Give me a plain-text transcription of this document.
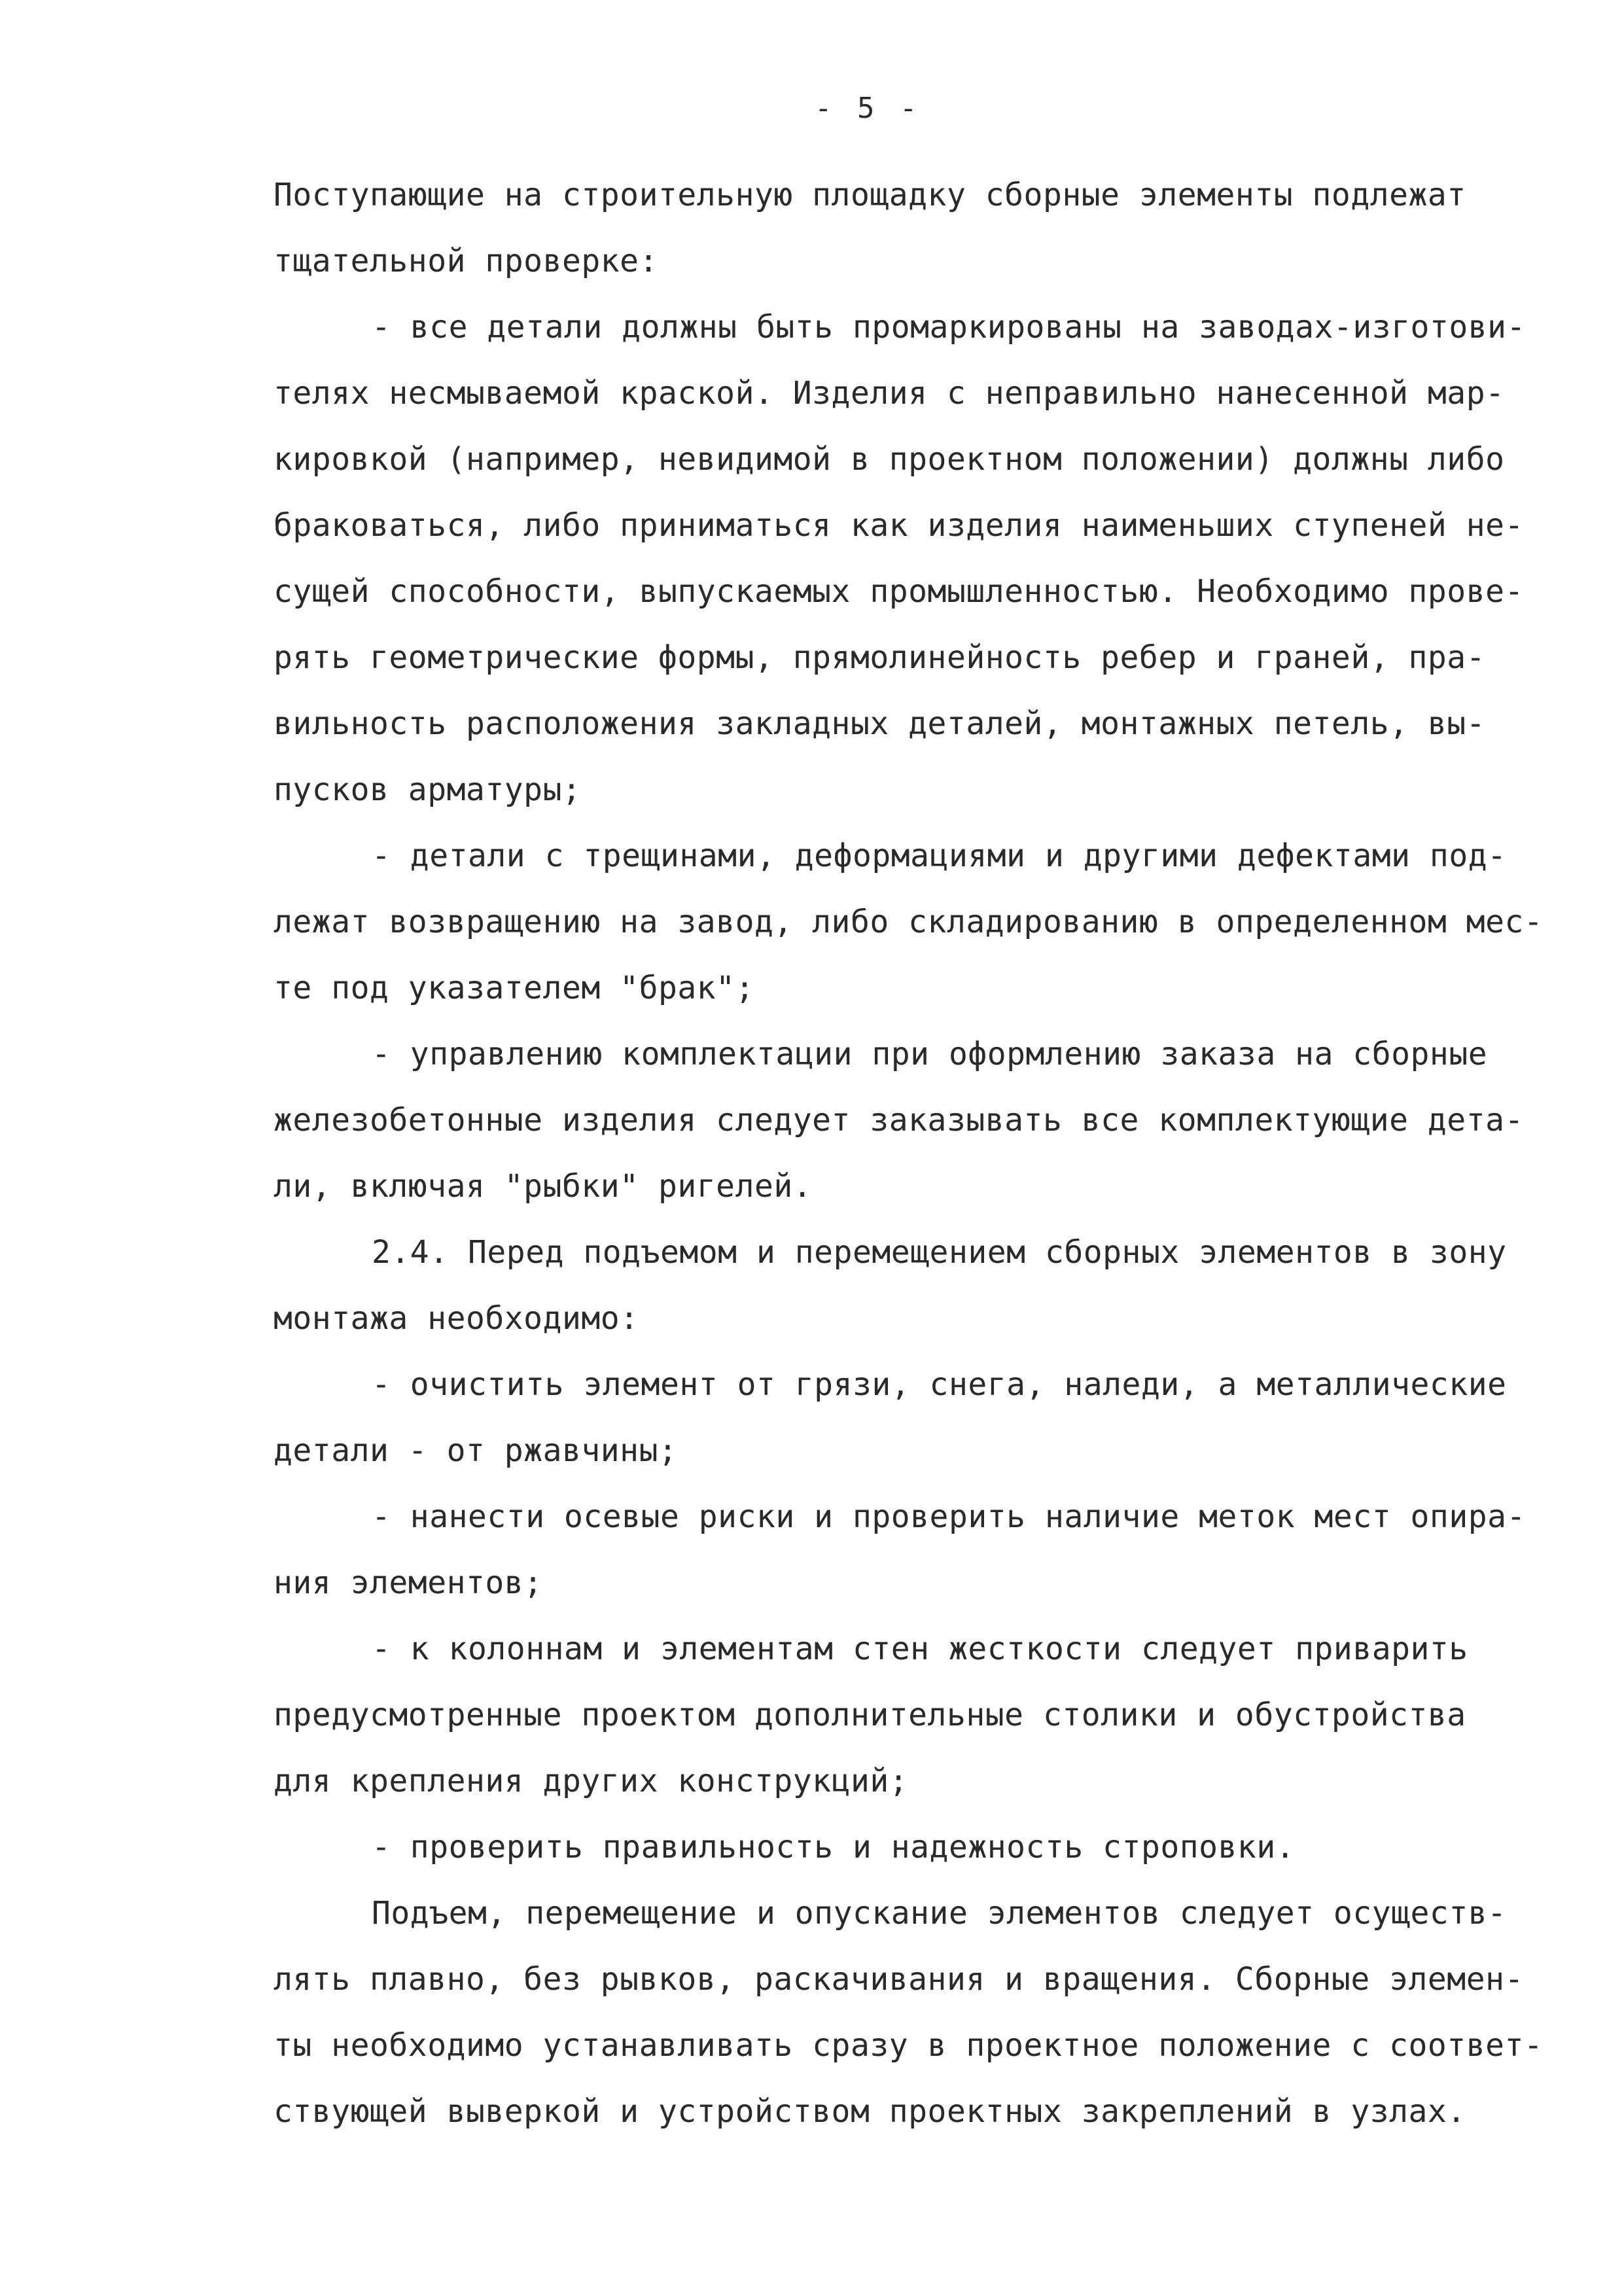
- 5 -
Поступающие на строительную площадку сборные элементы подлежат
тщательной проверке:
- все детали должны быть промаркированы на заводах-изготови-
телях несмываемой краской. Изделия с неправильно нанесенной мар-
кировкой (например, невидимой в проектном положении) должны либо
браковаться, либо приниматься как изделия наименьших ступеней не-
сущей способности, выпускаемых промышленностью. Необходимо прове-
рять геометрические формы, прямолинейность ребер и граней, пра-
вильность расположения закладных деталей, монтажных петель, вы-
пусков арматуры;
- детали с трещинами, деформациями и другими дефектами под-
лежат возвращению на завод, либо складированию в определенном мес-
те под указателем "брак";
- управлению комплектации при оформлению заказа на сборные
железобетонные изделия следует заказывать все комплектующие дета-
ли, включая "рыбки" ригелей.
2.4. Перед подъемом и перемещением сборных элементов в зону
монтажа необходимо:
- очистить элемент от грязи, снега, наледи, а металлические
детали - от ржавчины;
- нанести осевые риски и проверить наличие меток мест опира-
ния элементов;
- к колоннам и элементам стен жесткости следует приварить
предусмотренные проектом дополнительные столики и обустройства
для крепления других конструкций;
- проверить правильность и надежность строповки.
Подъем, перемещение и опускание элементов следует осуществ-
лять плавно, без рывков, раскачивания и вращения. Сборные элемен-
ты необходимо устанавливать сразу в проектное положение с соответ-
ствующей выверкой и устройством проектных закреплений в узлах.
